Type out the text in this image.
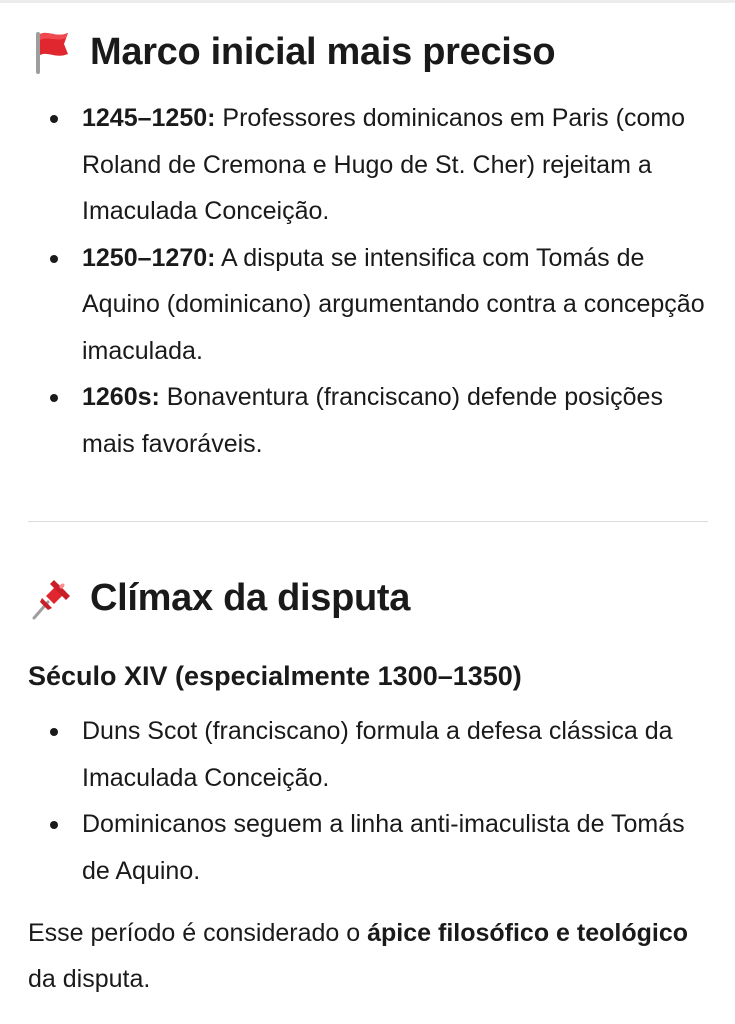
Marco inicial mais preciso
1245–1250: Professores dominicanos em Paris (como Roland de Cremona e Hugo de St. Cher) rejeitam a Imaculada Conceição.
1250–1270: A disputa se intensifica com Tomás de Aquino (dominicano) argumentando contra a concepção imaculada.
1260s: Bonaventura (franciscano) defende posições mais favoráveis.
Clímax da disputa

Século XIV (especialmente 1300–1350)

Duns Scot (franciscano) formula a defesa clássica da Imaculada Conceição.
Dominicanos seguem a linha anti-imaculista de Tomás de Aquino.

Esse período é considerado o ápice filosófico e teológico da disputa.
